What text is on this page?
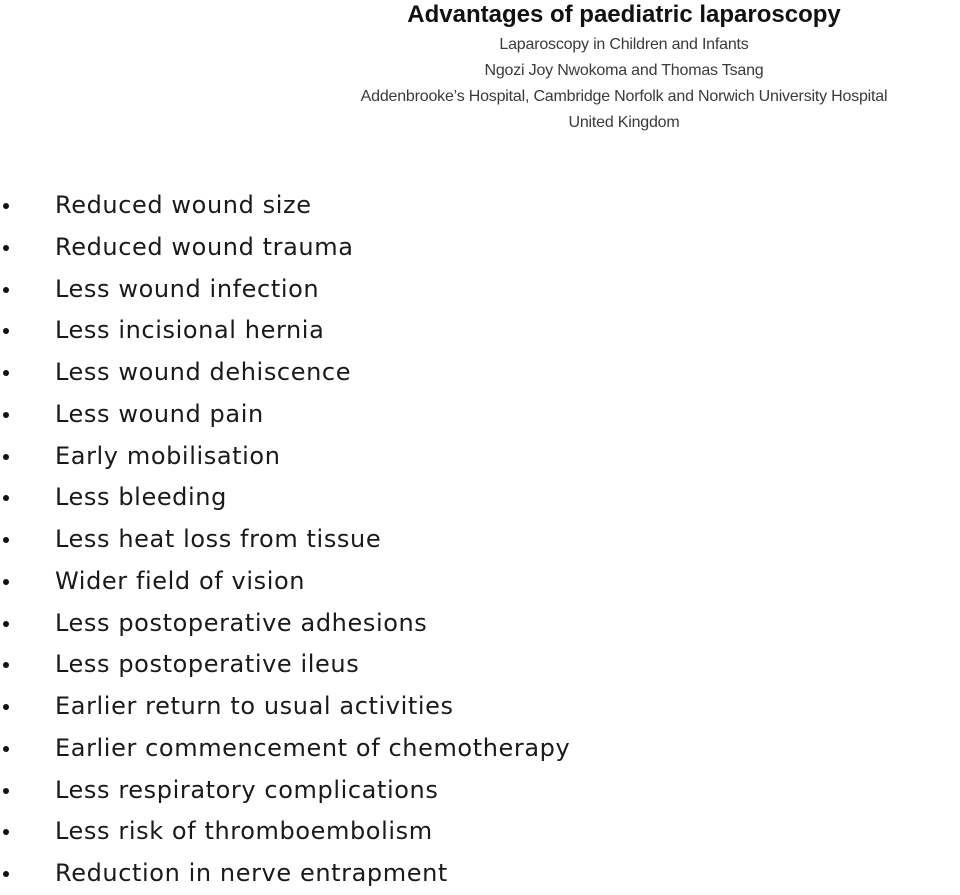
Advantages of paediatric laparoscopy
Laparoscopy in Children and Infants
Ngozi Joy Nwokoma and Thomas Tsang
Addenbrooke’s Hospital, Cambridge Norfolk and Norwich University Hospital
United Kingdom
Reduced wound size
Reduced wound trauma
Less wound infection
Less incisional hernia
Less wound dehiscence
Less wound pain
Early mobilisation
Less bleeding
Less heat loss from tissue
Wider field of vision
Less postoperative adhesions
Less postoperative ileus
Earlier return to usual activities
Earlier commencement of chemotherapy
Less respiratory complications
Less risk of thromboembolism
Reduction in nerve entrapment
